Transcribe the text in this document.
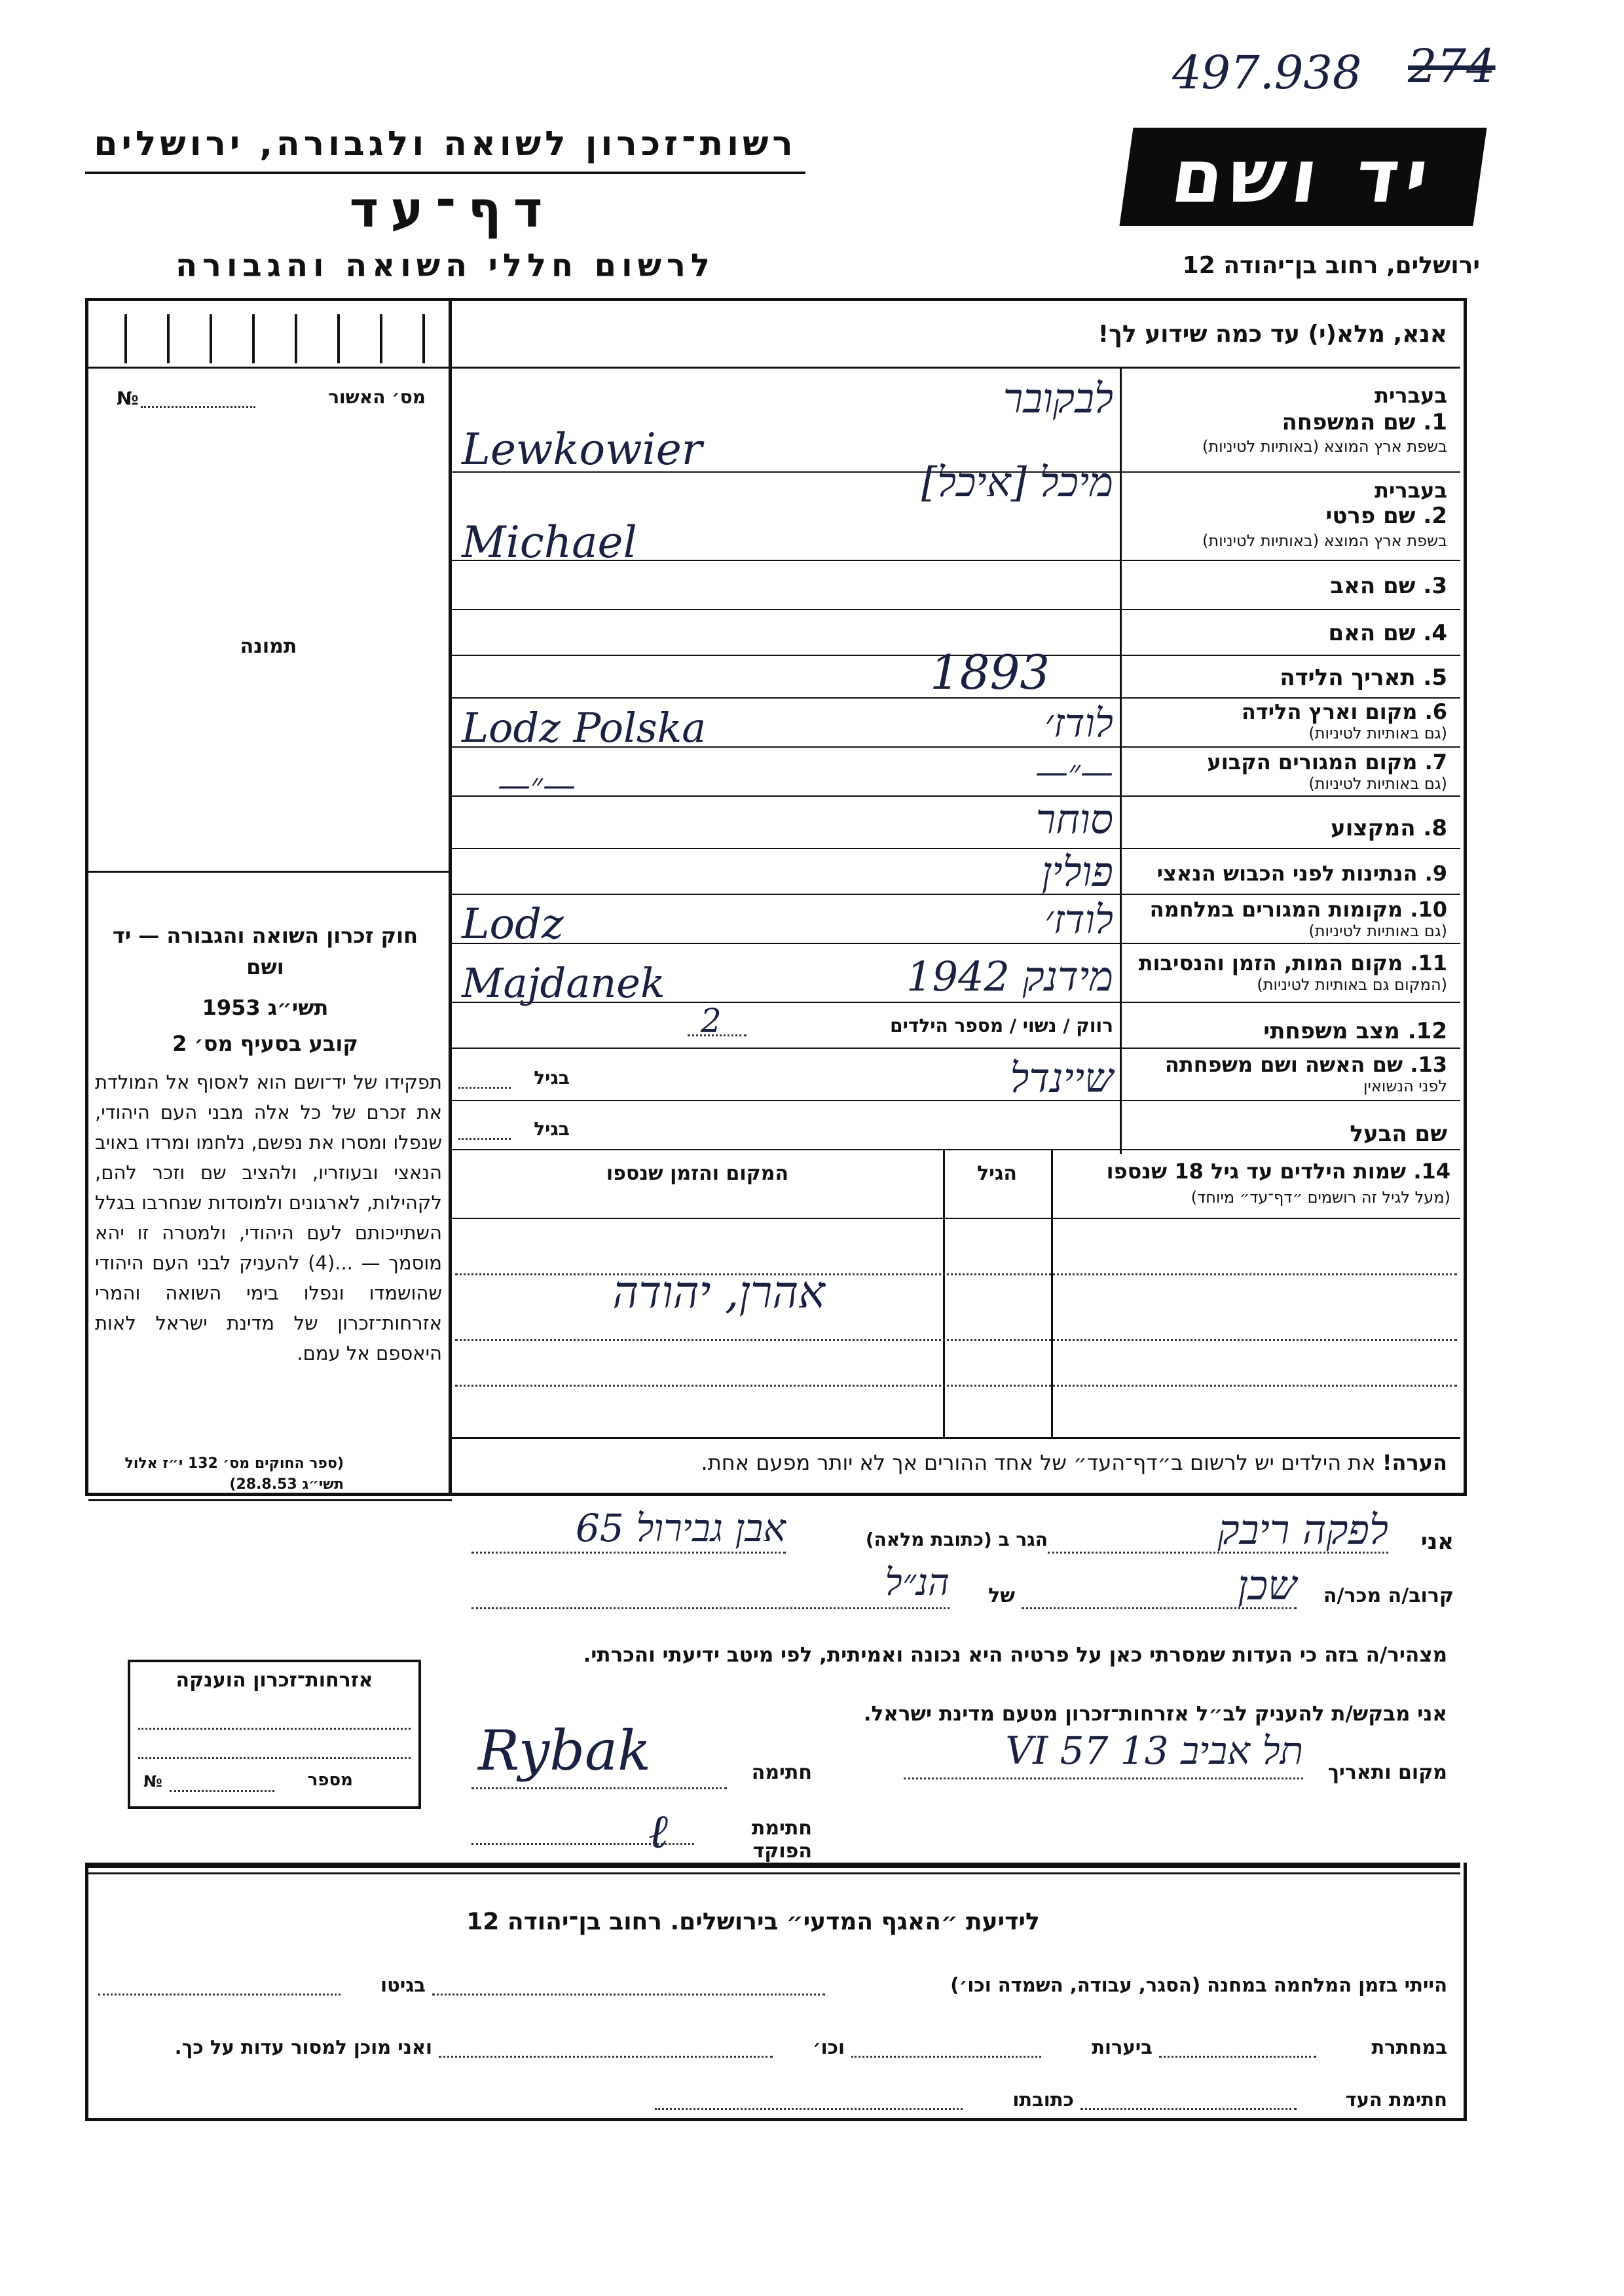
497.938 274
רשות־זכרון לשואה ולגבורה, ירושלים
דף־עד
לרשום חללי השואה והגבורה
יד ושם
ירושלים, רחוב בן־יהודה 12
אנא, מלא(י) עד כמה שידוע לך!
מס׳ האשור
№
תמונה
בעברית
1. שם המשפחה
בשפת ארץ המוצא (באותיות לטיניות)
לבקובר
Lewkowier
בעברית
2. שם פרטי
בשפת ארץ המוצא (באותיות לטיניות)
מיכל [איכל]
Michael
3. שם האב
4. שם האם
5. תאריך הלידה
1893
6. מקום וארץ הלידה
(גם באותיות לטיניות)
לודז׳
Lodz Polska
7. מקום המגורים הקבוע
(גם באותיות לטיניות)
—״—
—״—
8. המקצוע
סוחר
9. הנתינות לפני הכבוש הנאצי
פולין
10. מקומות המגורים במלחמה
(גם באותיות לטיניות)
לודז׳
Lodz
11. מקום המות, הזמן והנסיבות
(המקום גם באותיות לטיניות)
מידנק 1942
Majdanek
12. מצב משפחתי
רווק / נשוי / מספר הילדים
2
13. שם האשה ושם משפחתה
לפני הנשואין
שיינדל
בגיל
שם הבעל
בגיל
14. שמות הילדים עד גיל 18 שנספו
(מעל לגיל זה רושמים ״דף־עד״ מיוחד)
הגיל
המקום והזמן שנספו
אהרן, יהודה
חוק זכרון השואה והגבורה — יד ושם
תשי״ג 1953
קובע בסעיף מס׳ 2
תפקידו של יד־ושם הוא לאסוף אל המולדת את זכרם של כל אלה מבני העם היהודי, שנפלו ומסרו את נפשם, נלחמו ומרדו באויב הנאצי ובעוזריו, ולהציב שם וזכר להם, לקהילות, לארגונים ולמוסדות שנחרבו בגלל השתייכותם לעם היהודי, ולמטרה זו יהא מוסמך — ...(4) להעניק לבני העם היהודי שהושמדו ונפלו בימי השואה והמרי אזרחות־זכרון של מדינת ישראל לאות היאספם אל עמם.
(ספר החוקים מס׳ 132 י״ז אלול תשי״ג 28.8.53)
הערה! את הילדים יש לרשום ב״דף־העד״ של אחד ההורים אך לא יותר מפעם אחת.
אני
לפקה ריבק
הגר ב (כתובת מלאה)
אבן גבירול 65
קרוב/ה מכר/ה
שכן
של
הנ״ל
מצהיר/ה בזה כי העדות שמסרתי כאן על פרטיה היא נכונה ואמיתית, לפי מיטב ידיעתי והכרתי.
אני מבקש/ת להעניק לב״ל אזרחות־זכרון מטעם מדינת ישראל.
מקום ותאריך
תל אביב 13 VI 57
חתימה
Rybak
חתימת הפוקד
ℓ
אזרחות־זכרון הוענקה
מספר
№
לידיעת ״האגף המדעי״ בירושלים. רחוב בן־יהודה 12
הייתי בזמן המלחמה במחנה (הסגר, עבודה, השמדה וכו׳)
בגיטו
במחתרת
ביערות
וכו׳
ואני מוכן למסור עדות על כך.
חתימת העד
כתובתו
